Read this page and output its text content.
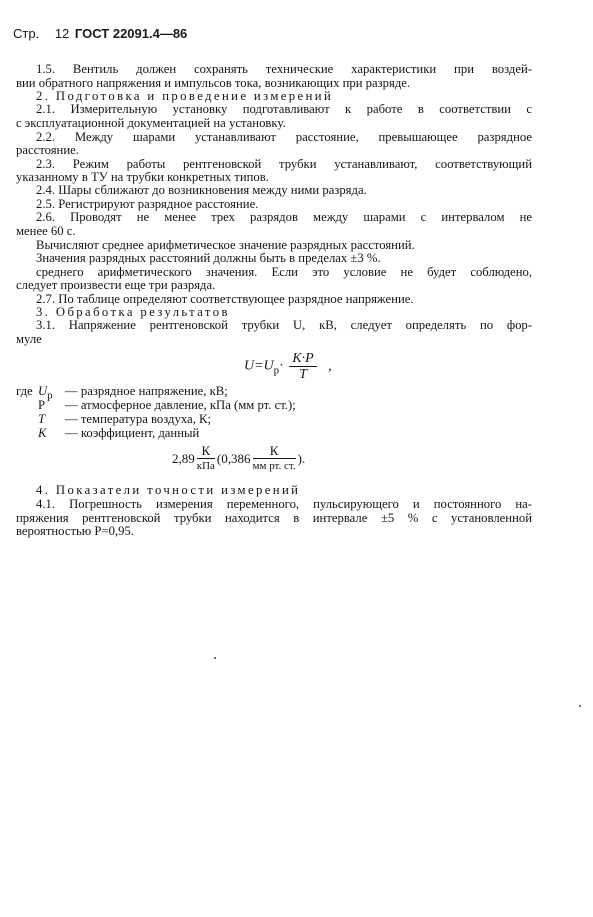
Стр. 12 ГОСТ 22091.4—86
1.5. Вентиль должен сохранять технические характеристики при воздей-
вии обратного напряжения и импульсов тока, возникающих при разряде.
2. Подготовка и проведение измерений
2.1. Измерительную установку подготавливают к работе в соответствии с
с эксплуатационной документацией на установку.
2.2. Между шарами устанавливают расстояние, превышающее разрядное
расстояние.
2.3. Режим работы рентгеновской трубки устанавливают, соответствующий
указанному в ТУ на трубки конкретных типов.
2.4. Шары сближают до возникновения между ними разряда.
2.5. Регистрируют разрядное расстояние.
2.6. Проводят не менее трех разрядов между шарами с интервалом не
менее 60 с.
Вычисляют среднее арифметическое значение разрядных расстояний.
Значения разрядных расстояний должны быть в пределах ±3 %.
среднего арифметического значения. Если это условие не будет соблюдено,
следует произвести еще три разряда.
2.7. По таблице определяют соответствующее разрядное напряжение.
3. Обработка результатов
3.1. Напряжение рентгеновской трубки U, кВ, следует определять по фор-
муле
$U=U_р\cdot \frac{K\cdot P}{T}$ ,
где $U_р$
P
T
K
— разрядное напряжение, кВ;
— атмосферное давление, кПа (мм рт. ст.);
— температура воздуха, К;
— коэффициент, данный
$2,89 \frac{К}{\text{кПа}} (0,386 \frac{К}{\text{мм рт. ст.}}$ ).
4. Показатели точности измерений
4.1. Погрешность измерения переменного, пульсирующего и постоянного на-
пряжения рентгеновской трубки находится в интервале ±5 % с установленной
вероятностью P=0,95.
